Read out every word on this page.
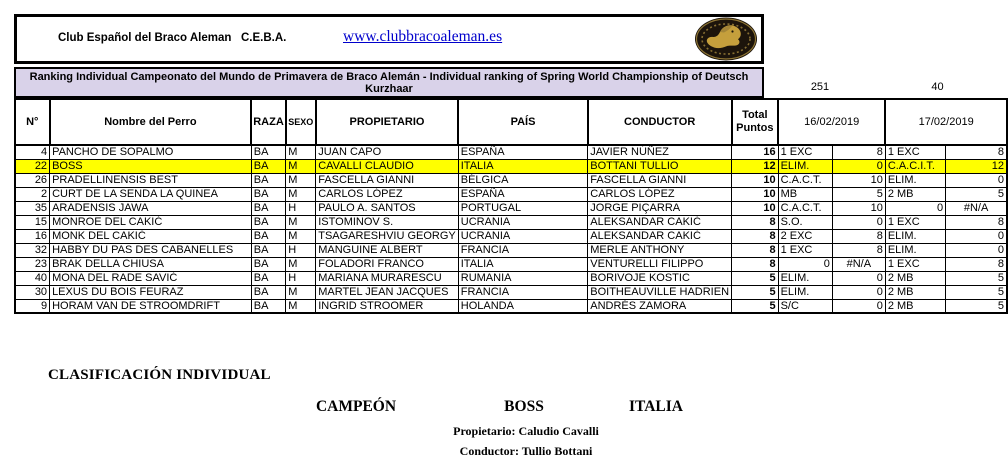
Club Español del Braco Aleman   C.E.B.A.	www.clubbracoaleman.es
Ranking Individual Campeonato del Mundo de Primavera de Braco Alemán - Individual ranking of Spring World Championship of Deutsch Kurzhaar	251	40
N°	Nombre del Perro	RAZA	SEXO	PROPIETARIO	PAÍS	CONDUCTOR	Total Puntos	16/02/2019		17/02/2019	
4	PANCHO DE SOPALMO	BA	M	JUAN CAPO	ESPAÑA	JAVIER NÚÑEZ	16	1 EXC	8	1 EXC	8
22	BOSS	BA	M	CAVALLI CLAUDIO	ITALIA	BOTTANI TULLIO	12	ELIM.	0	C.A.C.I.T.	12
26	PRADELLINENSIS BEST	BA	M	FASCELLA GIANNI	BÉLGICA	FASCELLA GIANNI	10	C.A.C.T.	10	ELIM.	0
2	CURT DE LA SENDA LA QUINEA	BA	M	CARLOS LÓPEZ	ESPAÑA	CARLOS LÓPEZ	10	MB	5	2 MB	5
35	ARADENSIS JAWA	BA	H	PAULO A. SANTOS	PORTUGAL	JORGE PIÇARRA	10	C.A.C.T.	10	0	#N/A
15	MONROE DEL CAKIĆ	BA	M	ISTOMINOV S.	UCRANIA	ALEKSANDAR CAKIĆ	8	S.O.	0	1 EXC	8
16	MONK DEL CAKIĆ	BA	M	TSAGARESHVIU GEORGY	UCRANIA	ALEKSANDAR CAKIĆ	8	2 EXC	8	ELIM.	0
32	HABBY DU PAS DES CABANELLES	BA	H	MANGUINE ALBERT	FRANCIA	MERLE ANTHONY	8	1 EXC	8	ELIM.	0
23	BRAK DELLA CHIUSA	BA	M	FOLADORI FRANCO	ITALIA	VENTURELLI FILIPPO	8	0	#N/A	1 EXC	8
40	MONA DEL RADE SAVIĆ	BA	H	MARIANA MURARESCU	RUMANIA	BORIVOJE KOSTIC	5	ELIM.	0	2 MB	5
30	LEXUS DU BOIS FEURAZ	BA	M	MARTEL JEAN JACQUES	FRANCIA	BOITHEAUVILLE HADRIEN	5	ELIM.	0	2 MB	5
9	HORAM VAN DE STROOMDRIFT	BA	M	INGRID STROOMER	HOLANDA	ANDRÉS ZAMORA	5	S/C	0	2 MB	5
CLASIFICACIÓN INDIVIDUAL
CAMPEÓN	BOSS	ITALIA
Propietario: Caludio Cavalli
Conductor: Tullio Bottani
